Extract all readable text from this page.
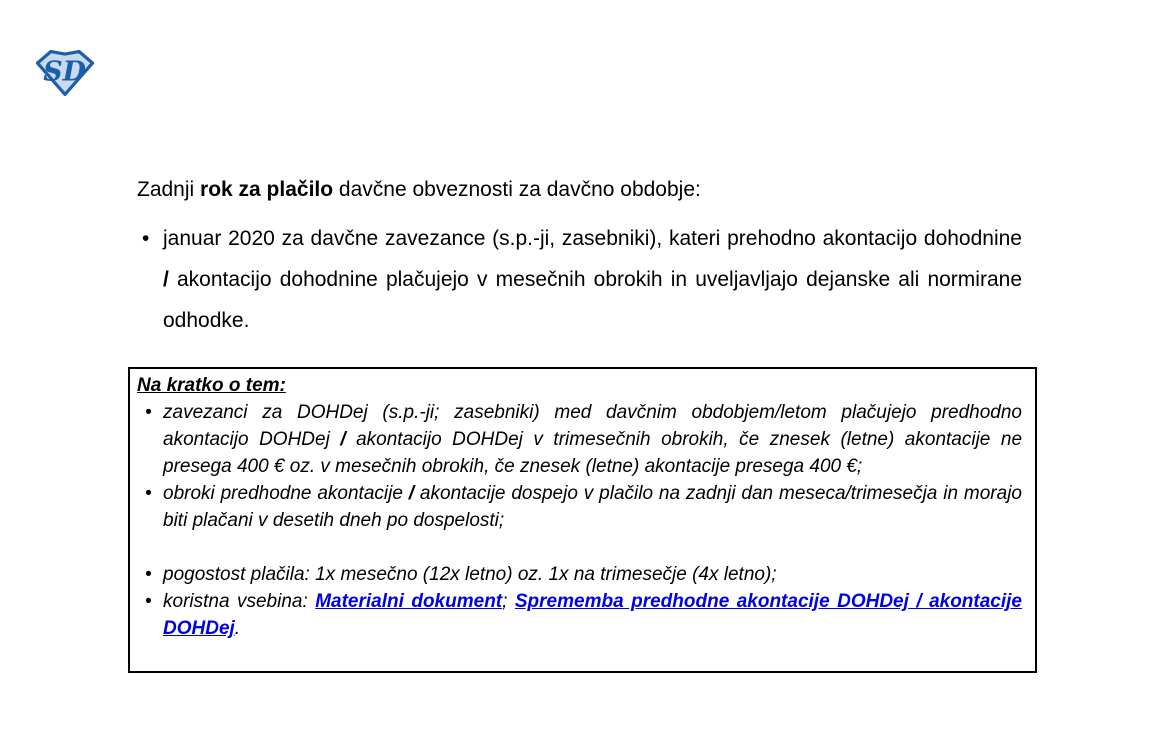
SD

Zadnji rok za plačilo davčne obveznosti za davčno obdobje:

• januar 2020 za davčne zavezance (s.p.-ji, zasebniki), kateri prehodno akontacijo dohodnine / akontacijo dohodnine plačujejo v mesečnih obrokih in uveljavljajo dejanske ali normirane odhodke.

Na kratko o tem:

• zavezanci za DOHDej (s.p.-ji; zasebniki) med davčnim obdobjem/letom plačujejo predhodno akontacijo DOHDej / akontacijo DOHDej v trimesečnih obrokih, če znesek (letne) akontacije ne presega 400 € oz. v mesečnih obrokih, če znesek (letne) akontacije presega 400 €;

• obroki predhodne akontacije / akontacije dospejo v plačilo na zadnji dan meseca/trimesečja in morajo biti plačani v desetih dneh po dospelosti;

• pogostost plačila: 1x mesečno (12x letno) oz. 1x na trimesečje (4x letno);

• koristna vsebina: Materialni dokument; Sprememba predhodne akontacije DOHDej / akontacije DOHDej.
